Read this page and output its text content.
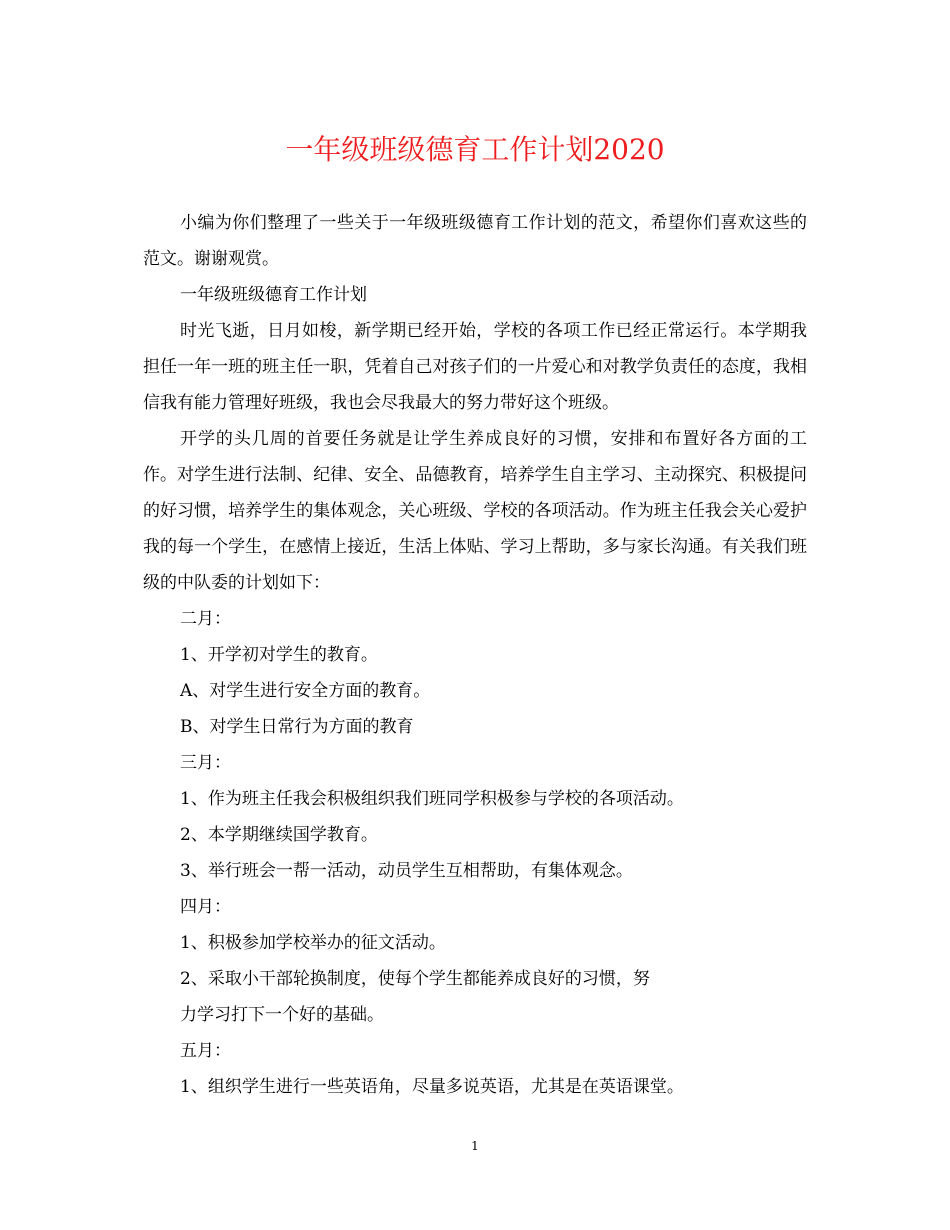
一年级班级德育工作计划2020

小编为你们整理了一些关于一年级班级德育工作计划的范文，希望你们喜欢这些的范文。谢谢观赏。

一年级班级德育工作计划

时光飞逝，日月如梭，新学期已经开始，学校的各项工作已经正常运行。本学期我担任一年一班的班主任一职，凭着自己对孩子们的一片爱心和对教学负责任的态度，我相信我有能力管理好班级，我也会尽我最大的努力带好这个班级。

开学的头几周的首要任务就是让学生养成良好的习惯，安排和布置好各方面的工作。对学生进行法制、纪律、安全、品德教育，培养学生自主学习、主动探究、积极提问的好习惯，培养学生的集体观念，关心班级、学校的各项活动。作为班主任我会关心爱护我的每一个学生，在感情上接近，生活上体贴、学习上帮助，多与家长沟通。有关我们班级的中队委的计划如下：

二月：

1、开学初对学生的教育。

A、对学生进行安全方面的教育。

B、对学生日常行为方面的教育

三月：

1、作为班主任我会积极组织我们班同学积极参与学校的各项活动。

2、本学期继续国学教育。

3、举行班会一帮一活动，动员学生互相帮助，有集体观念。

四月：

1、积极参加学校举办的征文活动。

2、采取小干部轮换制度，使每个学生都能养成良好的习惯，努

力学习打下一个好的基础。

五月：

1、组织学生进行一些英语角，尽量多说英语，尤其是在英语课堂。

1
